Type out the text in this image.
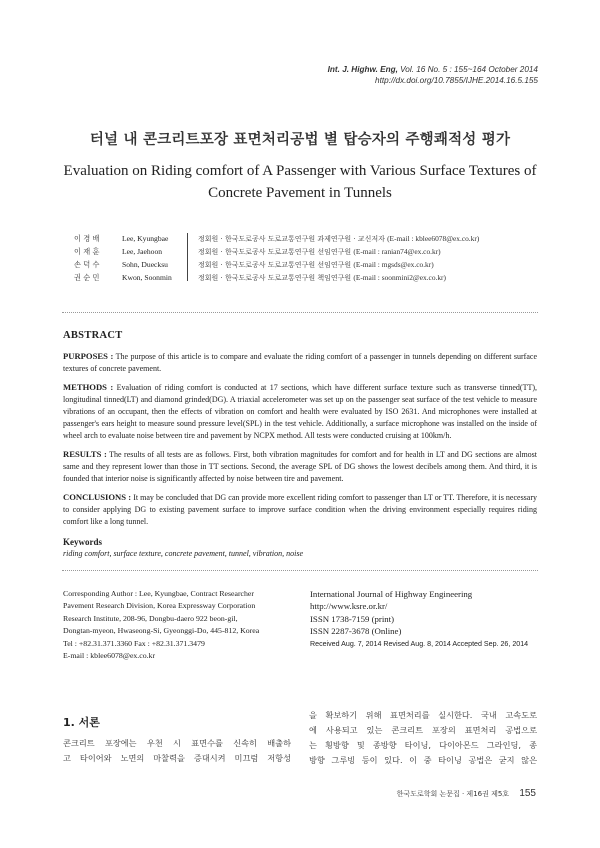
Int. J. Highw. Eng, Vol. 16 No. 5 : 155~164 October 2014
http://dx.doi.org/10.7855/IJHE.2014.16.5.155
터널 내 콘크리트포장 표면처리공법 별 탑승자의 주행쾌적성 평가
Evaluation on Riding comfort of A Passenger with Various Surface Textures of
Concrete Pavement in Tunnels
이 경 배	Lee, Kyungbae	정회원 · 한국도로공사 도로교통연구원 과제연구원 · 교신저자 (E-mail : kblee6078@ex.co.kr)
이 재 훈	Lee, Jaehoon	정회원 · 한국도로공사 도로교통연구원 선임연구원 (E-mail : ranian74@ex.co.kr)
손 덕 수	Sohn, Duecksu	정회원 · 한국도로공사 도로교통연구원 선임연구원 (E-mail : mgsds@ex.co.kr)
권 순 민	Kwon, Soonmin	정회원 · 한국도로공사 도로교통연구원 책임연구원 (E-mail : soonmini2@ex.co.kr)
ABSTRACT

PURPOSES : The purpose of this article is to compare and evaluate the riding comfort of a passenger in tunnels depending on different surface textures of concrete pavement.

METHODS : Evaluation of riding comfort is conducted at 17 sections, which have different surface texture such as transverse tinned(TT), longitudinal tinned(LT) and diamond grinded(DG). A triaxial accelerometer was set up on the passenger seat surface of the test vehicle to measure vibrations of an occupant, then the effects of vibration on comfort and health were evaluated by ISO 2631. And microphones were installed at passenger's ears height to measure sound pressure level(SPL) in the test vehicle. Additionally, a surface microphone was installed on the inside of wheel arch to evaluate noise between tire and pavement by NCPX method. All tests were conducted cruising at 100km/h.

RESULTS : The results of all tests are as follows. First, both vibration magnitudes for comfort and for health in LT and DG sections are almost same and they represent lower than those in TT sections. Second, the average SPL of DG shows the lowest decibels among them. And third, it is founded that interior noise is significantly affected by noise between tire and pavement.

CONCLUSIONS : It may be concluded that DG can provide more excellent riding comfort to passenger than LT or TT. Therefore, it is necessary to consider applying DG to existing pavement surface to improve surface condition when the driving environment especially requires riding comfort like a long tunnel.

Keywords
riding comfort, surface texture, concrete pavement, tunnel, vibration, noise
Corresponding Author : Lee, Kyungbae, Contract Researcher
Pavement Research Division, Korea Expressway Corporation
Research Institute, 208-96, Dongbu-daero 922 beon-gil,
Dongtan-myeon, Hwaseong-Si, Gyeonggi-Do, 445-812, Korea
Tel : +82.31.371.3360 Fax : +82.31.371.3479
E-mail : kblee6078@ex.co.kr
International Journal of Highway Engineering
http://www.ksre.or.kr/
ISSN 1738-7159 (print)
ISSN 2287-3678 (Online)
Received Aug. 7, 2014 Revised Aug. 8, 2014 Accepted Sep. 26, 2014
1. 서론
콘크리트 포장에는 우천 시 표면수를 신속히 배출하
고 타이어와 노면의 마찰력을 증대시켜 미끄럼 저항성
을 확보하기 위해 표면처리를 실시한다. 국내 고속도로
에 사용되고 있는 콘크리트 포장의 표면처리 공법으로
는 횡방향 및 종방향 타이닝, 다이아몬드 그라인딩, 종
방향 그루빙 등이 있다. 이 중 타이닝 공법은 굳지 않은
한국도로학회 논문집 · 제16권 제5호 155
